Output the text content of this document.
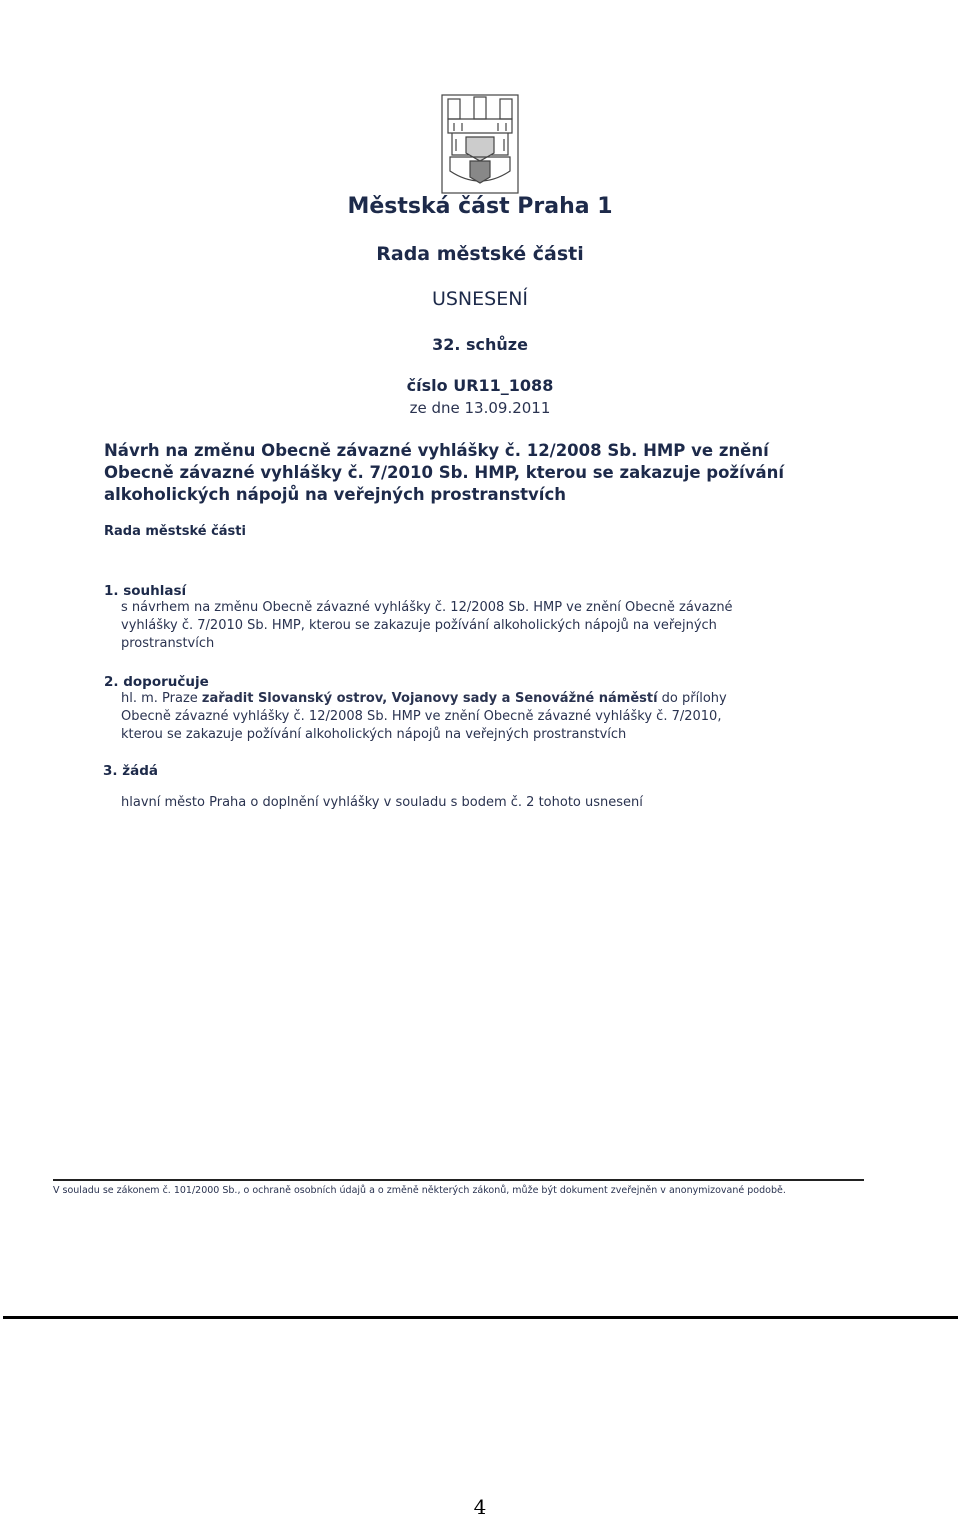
Městská část Praha 1
Rada městské části
USNESENÍ
32. schůze
číslo UR11_1088
ze dne 13.09.2011
Návrh na změnu Obecně závazné vyhlášky č. 12/2008 Sb. HMP ve znění
Obecně závazné vyhlášky č. 7/2010 Sb. HMP, kterou se zakazuje požívání
alkoholických nápojů na veřejných prostranstvích
Rada městské části
1. souhlasí
s návrhem na změnu Obecně závazné vyhlášky č. 12/2008 Sb. HMP ve znění Obecně závazné
vyhlášky č. 7/2010 Sb. HMP, kterou se zakazuje požívání alkoholických nápojů na veřejných
prostranstvích
2. doporučuje
hl. m. Praze zařadit Slovanský ostrov, Vojanovy sady a Senovážné náměstí do přílohy
Obecně závazné vyhlášky č. 12/2008 Sb. HMP ve znění Obecně závazné vyhlášky č. 7/2010,
kterou se zakazuje požívání alkoholických nápojů na veřejných prostranstvích
3. žádá
hlavní město Praha o doplnění vyhlášky v souladu s bodem č. 2 tohoto usnesení
V souladu se zákonem č. 101/2000 Sb., o ochraně osobních údajů a o změně některých zákonů, může být dokument zveřejněn v anonymizované podobě.
4
